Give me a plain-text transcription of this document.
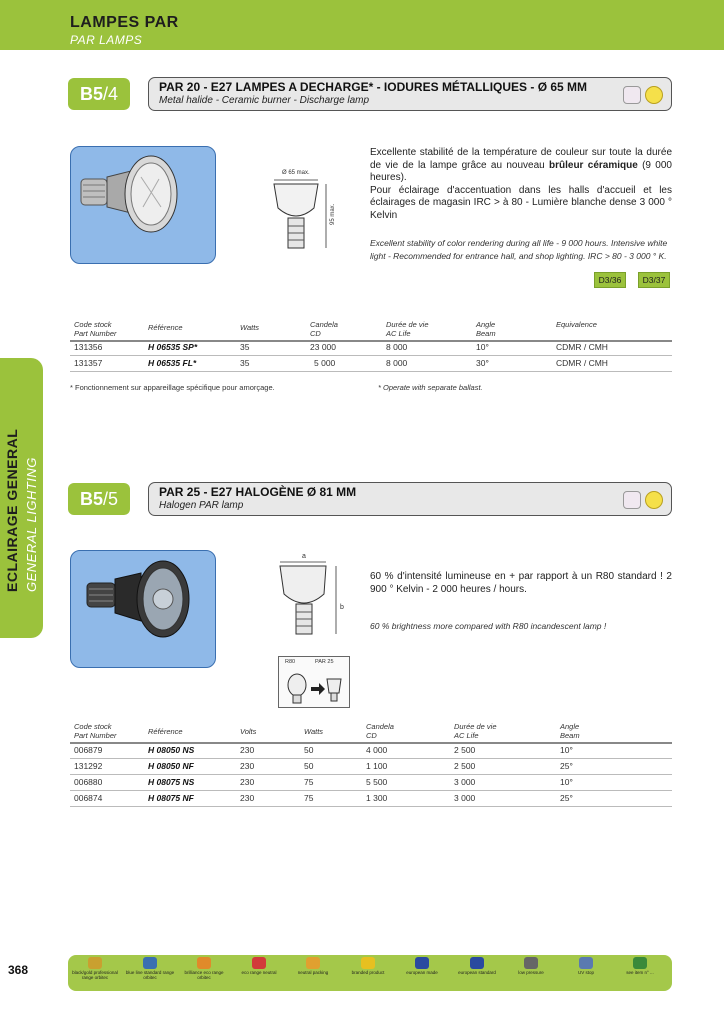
LAMPES PAR
PAR LAMPS
ECLAIRAGE GENERAL GENERAL LIGHTING
B5 /4	PAR 20 - E27 LAMPES A DECHARGE* - IODURES MÉTALLIQUES - Ø 65 MM
Metal halide - Ceramic burner - Discharge lamp
Ø 65 max.
95 max.
Excellente stabilité de la température de couleur sur toute la durée de vie de la lampe grâce au nouveau brûleur céramique (9 000 heures).
Pour éclairage d'accentuation dans les halls d'accueil et les éclairages de magasin IRC > à 80 - Lumière blanche dense 3 000 ° Kelvin
Excellent stability of color rendering during all life - 9 000 hours. Intensive white light - Recommended for entrance hall, and shop lighting. IRC > 80 - 3 000 ° K.
D3/36	D3/37
Code stock
Part Number
Référence	Watts	Candela
CD
Durée de vie
AC Life
Angle
Beam
Equivalence
131356	H 06535 SP*	35	23 000	8 000	10°	CDMR / CMH
131357	H 06535 FL*	35	5 000	8 000	30°	CDMR / CMH
* Fonctionnement sur appareillage spécifique pour amorçage.	* Operate with separate ballast.
B5 /5	PAR 25 - E27 HALOGÈNE Ø 81 MM
Halogen PAR lamp
a
b
R80	PAR 25
60 % d'intensité lumineuse en + par rapport à un R80 standard ! 2 900 ° Kelvin - 2 000 heures / hours.
60 % brightness more compared with R80 incandescent lamp !
Code stock
Part Number	Référence	Volts	Watts
Candela
CD
Durée de vie
AC Life
Angle
Beam
006879	H 08050 NS	230	50	4 000	2 500	10°
131292	H 08050 NF	230	50	1 100	2 500	25°
006880	H 08075 NS	230	75	5 500	3 000	10°
006874	H 08075 NF	230	75	1 300	3 000	25°
368	black/gold professional range orbitec
blue line standard range orbitec
brilliance eco range orbitec
eco range neutral	neutral packing	branded product	european made	european standard	low pressure	UV stop	see item n° ...
